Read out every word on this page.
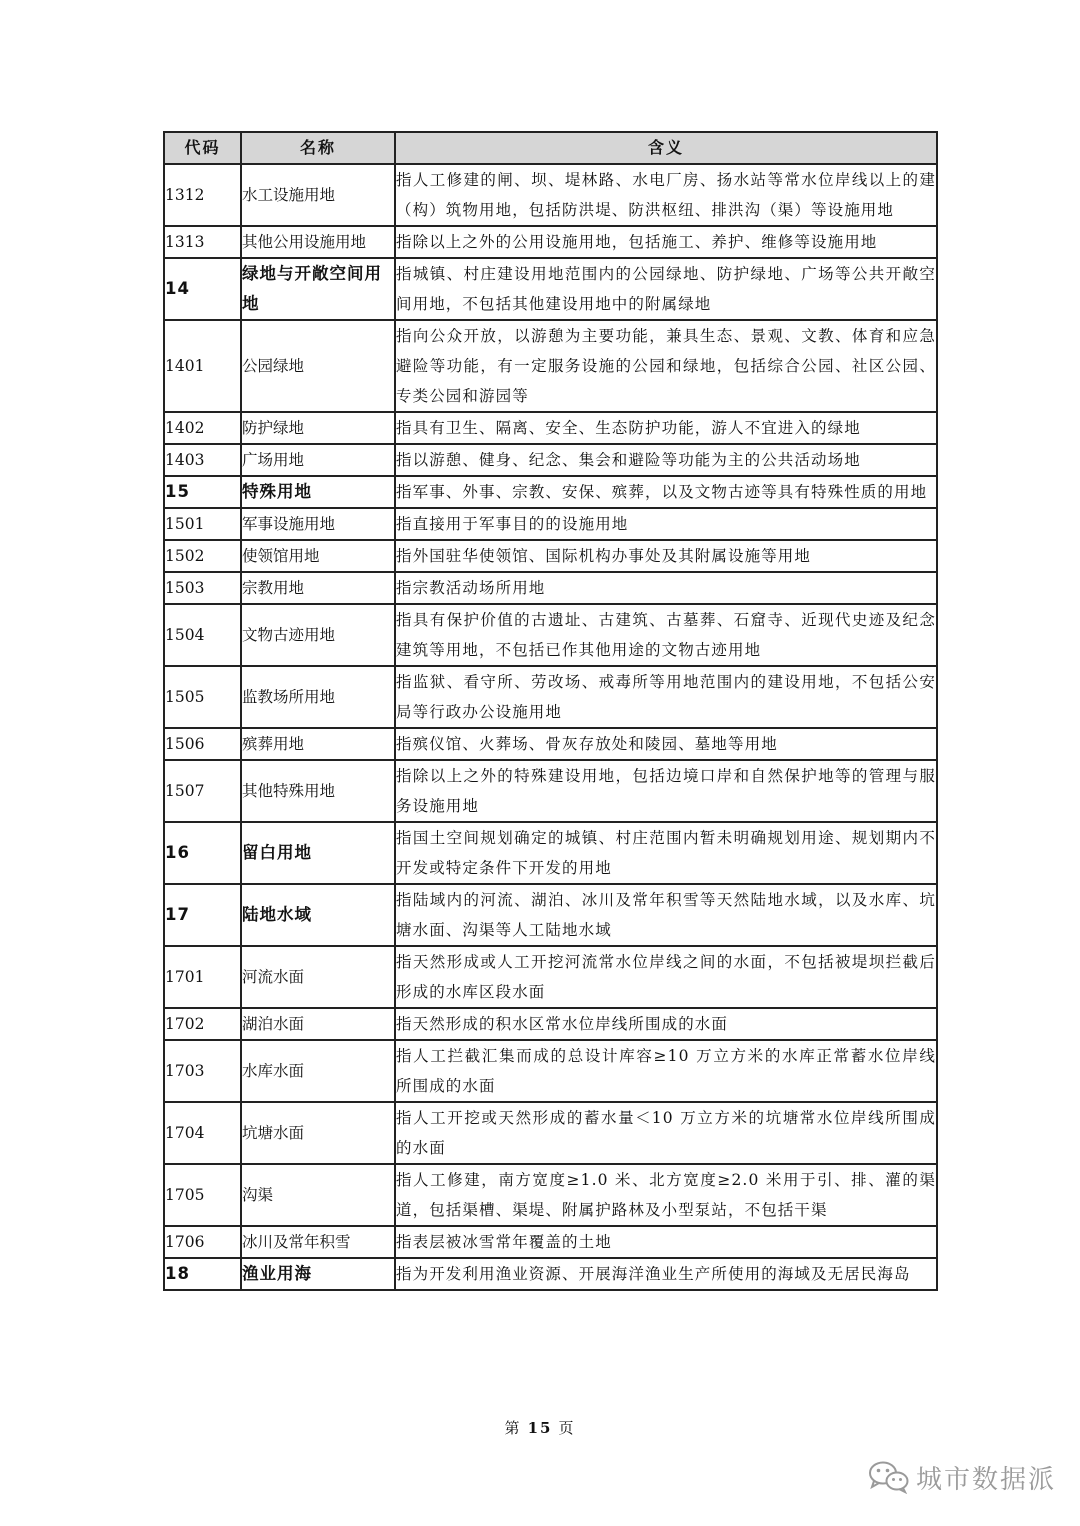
代码	名称	含义
1312	水工设施用地	指人工修建的闸、坝、堤林路、水电厂房、扬水站等常水位岸线以上的建（构）筑物用地，包括防洪堤、防洪枢纽、排洪沟（渠）等设施用地
1313	其他公用设施用地	指除以上之外的公用设施用地，包括施工、养护、维修等设施用地
14	绿地与开敞空间用地	指城镇、村庄建设用地范围内的公园绿地、防护绿地、广场等公共开敞空间用地，不包括其他建设用地中的附属绿地
1401	公园绿地	指向公众开放，以游憩为主要功能，兼具生态、景观、文教、体育和应急避险等功能，有一定服务设施的公园和绿地，包括综合公园、社区公园、专类公园和游园等
1402	防护绿地	指具有卫生、隔离、安全、生态防护功能，游人不宜进入的绿地
1403	广场用地	指以游憩、健身、纪念、集会和避险等功能为主的公共活动场地
15	特殊用地	指军事、外事、宗教、安保、殡葬，以及文物古迹等具有特殊性质的用地
1501	军事设施用地	指直接用于军事目的的设施用地
1502	使领馆用地	指外国驻华使领馆、国际机构办事处及其附属设施等用地
1503	宗教用地	指宗教活动场所用地
1504	文物古迹用地	指具有保护价值的古遗址、古建筑、古墓葬、石窟寺、近现代史迹及纪念建筑等用地，不包括已作其他用途的文物古迹用地
1505	监教场所用地	指监狱、看守所、劳改场、戒毒所等用地范围内的建设用地，不包括公安局等行政办公设施用地
1506	殡葬用地	指殡仪馆、火葬场、骨灰存放处和陵园、墓地等用地
1507	其他特殊用地	指除以上之外的特殊建设用地，包括边境口岸和自然保护地等的管理与服务设施用地
16	留白用地	指国土空间规划确定的城镇、村庄范围内暂未明确规划用途、规划期内不开发或特定条件下开发的用地
17	陆地水域	指陆域内的河流、湖泊、冰川及常年积雪等天然陆地水域，以及水库、坑塘水面、沟渠等人工陆地水域
1701	河流水面	指天然形成或人工开挖河流常水位岸线之间的水面，不包括被堤坝拦截后形成的水库区段水面
1702	湖泊水面	指天然形成的积水区常水位岸线所围成的水面
1703	水库水面	指人工拦截汇集而成的总设计库容≥10 万立方米的水库正常蓄水位岸线所围成的水面
1704	坑塘水面	指人工开挖或天然形成的蓄水量＜10 万立方米的坑塘常水位岸线所围成的水面
1705	沟渠	指人工修建，南方宽度≥1.0 米、北方宽度≥2.0 米用于引、排、灌的渠道，包括渠槽、渠堤、附属护路林及小型泵站，不包括干渠
1706	冰川及常年积雪	指表层被冰雪常年覆盖的土地
18	渔业用海	指为开发利用渔业资源、开展海洋渔业生产所使用的海域及无居民海岛
第 15 页
城市数据派
